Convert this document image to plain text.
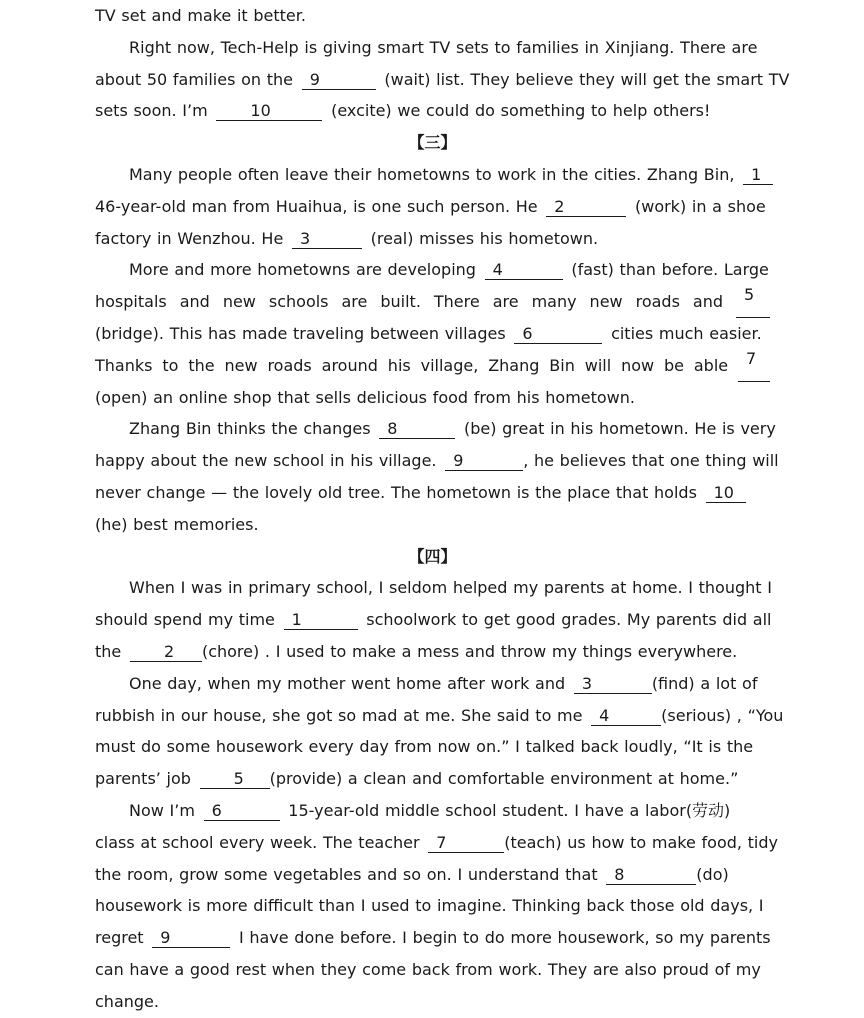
TV set and make it better.
Right now, Tech-Help is giving smart TV sets to families in Xinjiang. There are
about 50 families on the 9	(wait) list. They believe they will get the smart TV
sets soon. I’m	10	(excite) we could do something to help others!
【三】
Many people often leave their hometowns to work in the cities. Zhang Bin, 1
46-year-old man from Huaihua, is one such person. He 2	(work) in a shoe
factory in Wenzhou. He 3	(real) misses his hometown.
More and more hometowns are developing 4	(fast) than before. Large
hospitals and new schools are built. There are many new roads and	5
(bridge). This has made traveling between villages 6	cities much easier.
Thanks to the new roads around his village, Zhang Bin will now be able	7
(open) an online shop that sells delicious food from his hometown.
Zhang Bin thinks the changes 8	(be) great in his hometown. He is very
happy about the new school in his village. 9	, he believes that one thing will
never change — the lovely old tree. The hometown is the place that holds 10
(he) best memories.
【四】
When I was in primary school, I seldom helped my parents at home. I thought I
should spend my time 1	schoolwork to get good grades. My parents did all
the	2 (chore) . I used to make a mess and throw my things everywhere.
One day, when my mother went home after work and 3	(find) a lot of
rubbish in our house, she got so mad at me. She said to me 4	(serious) , “You
must do some housework every day from now on.” I talked back loudly, “It is the
parents’ job	5 (provide) a clean and comfortable environment at home.”
Now I’m 6	15-year-old middle school student. I have a labor(劳动)
class at school every week. The teacher 7	(teach) us how to make food, tidy
the room, grow some vegetables and so on. I understand that 8	(do)
housework is more difficult than I used to imagine. Thinking back those old days, I
regret 9	I have done before. I begin to do more housework, so my parents
can have a good rest when they come back from work. They are also proud of my
change.
